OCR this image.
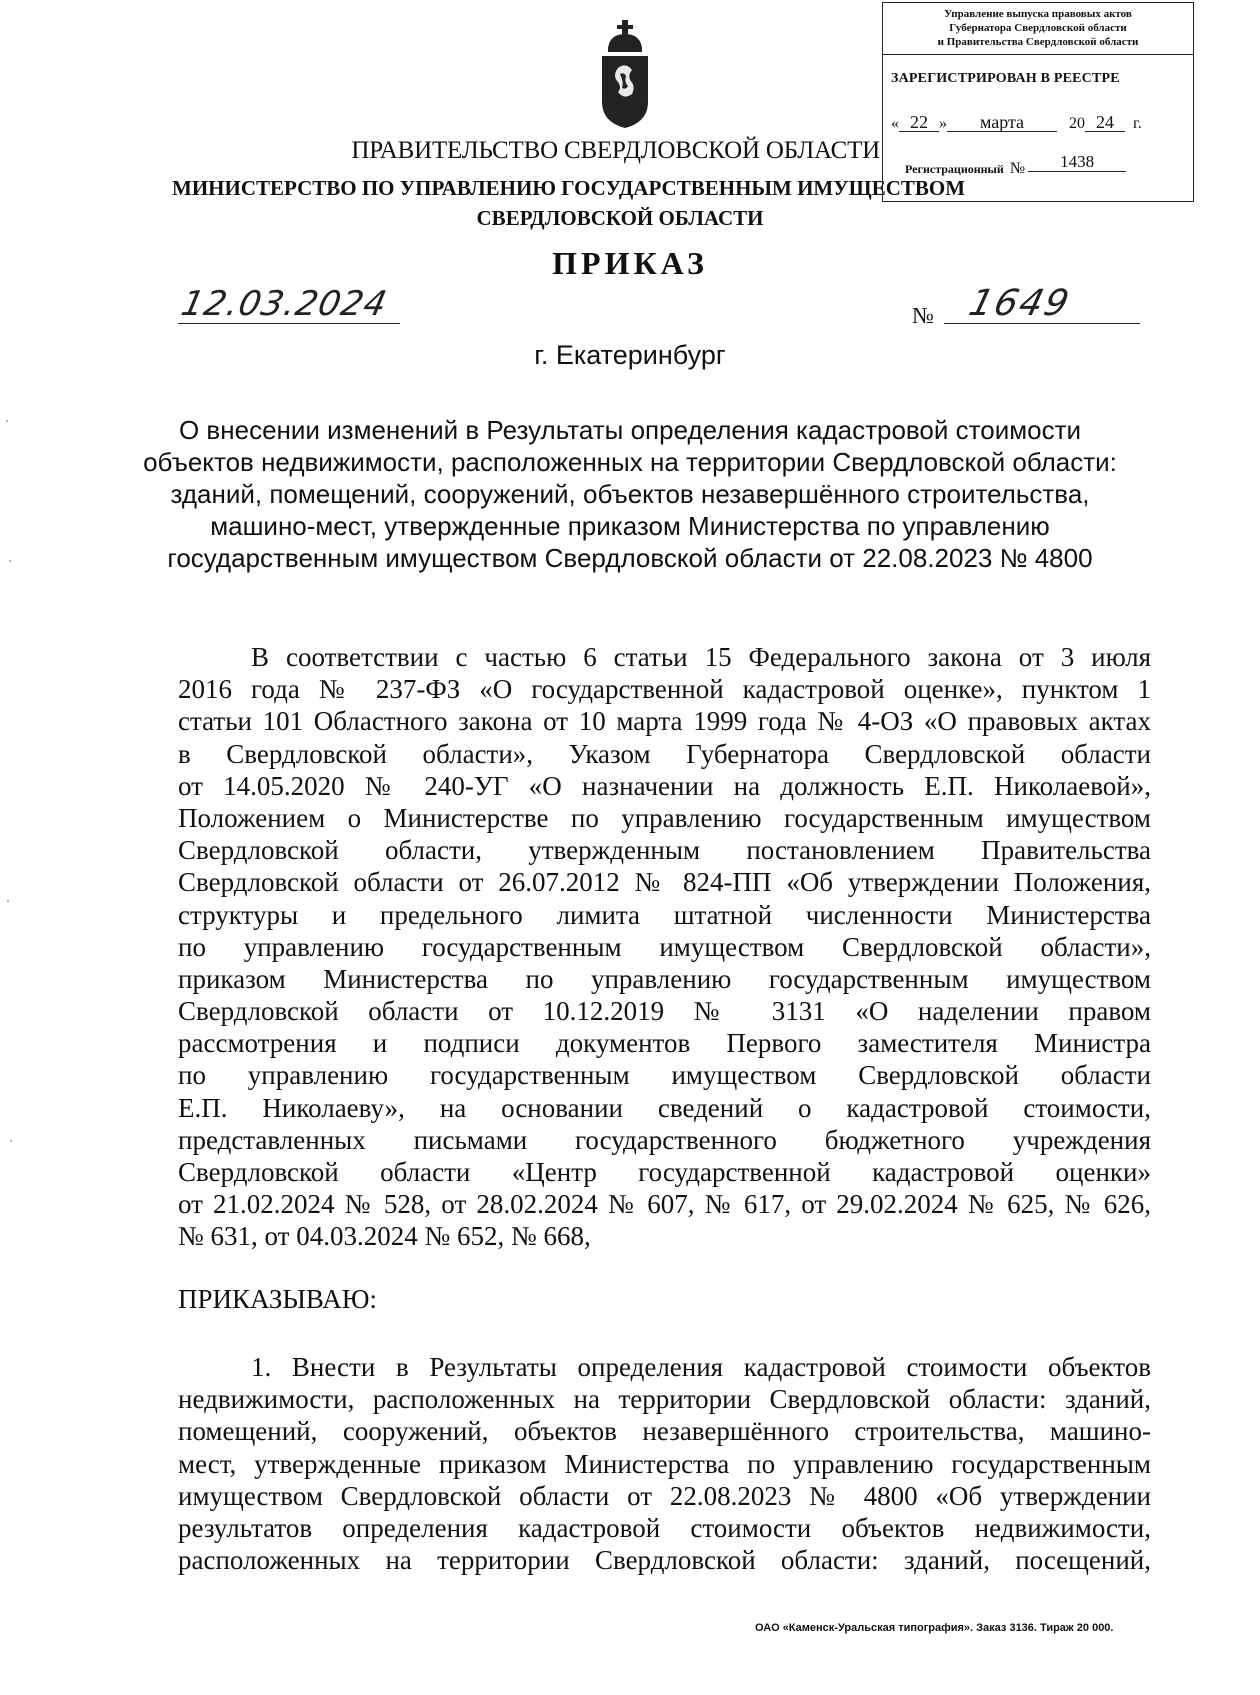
Управление выпуска правовых актов
Губернатора Свердловской области
и Правительства Свердловской области
ЗАРЕГИСТРИРОВАН В РЕЕСТРЕ
« 22 » марта	20 24 г.
Регистрационный № 1438
ПРАВИТЕЛЬСТВО СВЕРДЛОВСКОЙ ОБЛАСТИ
МИНИСТЕРСТВО ПО УПРАВЛЕНИЮ ГОСУДАРСТВЕННЫМ ИМУЩЕСТВОМ
СВЕРДЛОВСКОЙ ОБЛАСТИ
ПРИКАЗ
12.03.2024	№ 1649
г. Екатеринбург
О внесении изменений в Результаты определения кадастровой стоимости
объектов недвижимости, расположенных на территории Свердловской области:
зданий, помещений, сооружений, объектов незавершённого строительства,
машино-мест, утвержденные приказом Министерства по управлению
государственным имуществом Свердловской области от 22.08.2023 № 4800
В соответствии с частью 6 статьи 15 Федерального закона от 3 июля
2016 года № 237-ФЗ «О государственной кадастровой оценке», пунктом 1
статьи 101 Областного закона от 10 марта 1999 года № 4-ОЗ «О правовых актах
в Свердловской области», Указом Губернатора Свердловской области
от 14.05.2020 № 240-УГ «О назначении на должность Е.П. Николаевой»,
Положением о Министерстве по управлению государственным имуществом
Свердловской области, утвержденным постановлением Правительства
Свердловской области от 26.07.2012 № 824-ПП «Об утверждении Положения,
структуры и предельного лимита штатной численности Министерства
по управлению государственным имуществом Свердловской области»,
приказом Министерства по управлению государственным имуществом
Свердловской области от 10.12.2019 № 3131 «О наделении правом
рассмотрения и подписи документов Первого заместителя Министра
по управлению государственным имуществом Свердловской области
Е.П. Николаеву», на основании сведений о кадастровой стоимости,
представленных письмами государственного бюджетного учреждения
Свердловской области «Центр государственной кадастровой оценки»
от 21.02.2024 № 528, от 28.02.2024 № 607, № 617, от 29.02.2024 № 625, № 626,
№ 631, от 04.03.2024 № 652, № 668,
ПРИКАЗЫВАЮ:
1. Внести в Результаты определения кадастровой стоимости объектов
недвижимости, расположенных на территории Свердловской области: зданий,
помещений, сооружений, объектов незавершённого строительства, машино-
мест, утвержденные приказом Министерства по управлению государственным
имуществом Свердловской области от 22.08.2023 № 4800 «Об утверждении
результатов определения кадастровой стоимости объектов недвижимости,
расположенных на территории Свердловской области: зданий, посещений,
ОАО «Каменск-Уральская типография». Заказ 3136. Тираж 20 000.
